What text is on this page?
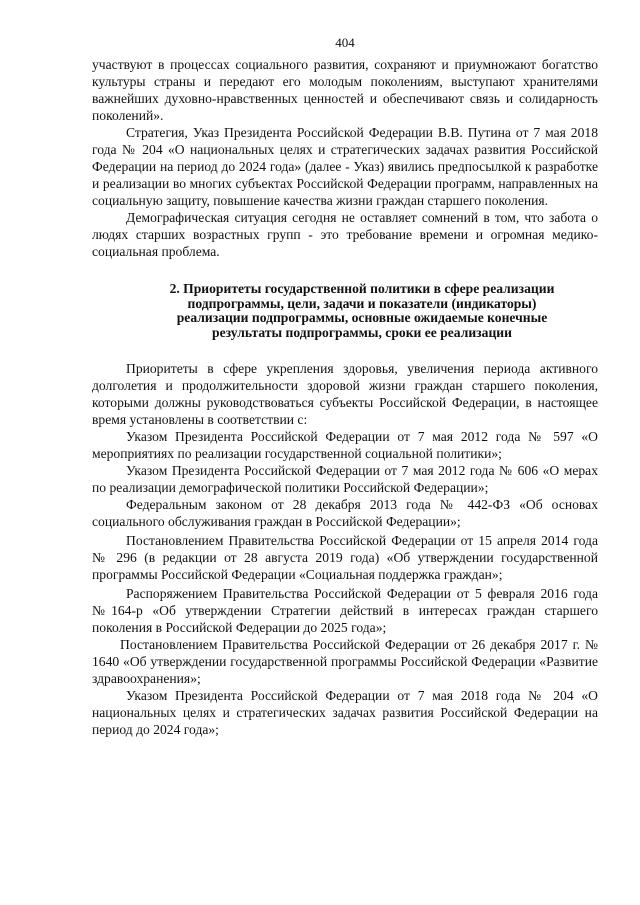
404

участвуют в процессах социального развития, сохраняют и приумножают богатство культуры страны и передают его молодым поколениям, выступают хранителями важнейших духовно-нравственных ценностей и обеспечивают связь и солидарность поколений».

Стратегия, Указ Президента Российской Федерации В.В. Путина от 7 мая 2018 года № 204 «О национальных целях и стратегических задачах развития Российской Федерации на период до 2024 года» (далее - Указ) явились предпосылкой к разработке и реализации во многих субъектах Российской Федерации программ, направленных на социальную защиту, повышение качества жизни граждан старшего поколения.

Демографическая ситуация сегодня не оставляет сомнений в том, что забота о людях старших возрастных групп - это требование времени и огромная медико-социальная проблема.

2. Приоритеты государственной политики в сфере реализации
подпрограммы, цели, задачи и показатели (индикаторы)
реализации подпрограммы, основные ожидаемые конечные
результаты подпрограммы, сроки ее реализации

Приоритеты в сфере укрепления здоровья, увеличения периода активного долголетия и продолжительности здоровой жизни граждан старшего поколения, которыми должны руководствоваться субъекты Российской Федерации, в настоящее время установлены в соответствии с:

Указом Президента Российской Федерации от 7 мая 2012 года № 597 «О мероприятиях по реализации государственной социальной политики»;

Указом Президента Российской Федерации от 7 мая 2012 года № 606 «О мерах по реализации демографической политики Российской Федерации»;

Федеральным законом от 28 декабря 2013 года № 442-ФЗ «Об основах социального обслуживания граждан в Российской Федерации»;

Постановлением Правительства Российской Федерации от 15 апреля 2014 года № 296 (в редакции от 28 августа 2019 года) «Об утверждении государственной программы Российской Федерации «Социальная поддержка граждан»;

Распоряжением Правительства Российской Федерации от 5 февраля 2016 года №164-р «Об утверждении Стратегии действий в интересах граждан старшего поколения в Российской Федерации до 2025 года»;

Постановлением Правительства Российской Федерации от 26 декабря 2017 г. № 1640 «Об утверждении государственной программы Российской Федерации «Развитие здравоохранения»;

Указом Президента Российской Федерации от 7 мая 2018 года № 204 «О национальных целях и стратегических задачах развития Российской Федерации на период до 2024 года»;
